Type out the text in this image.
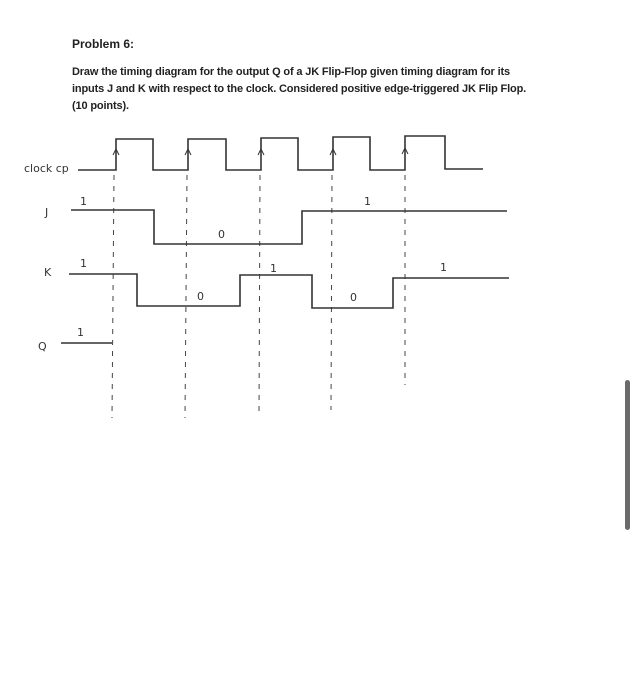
Problem 6:
Draw the timing diagram for the output Q of a JK Flip-Flop given timing diagram for its
inputs J and K with respect to the clock. Considered positive edge-triggered JK Flip Flop.
(10 points).
clock cp
J
K
Q
1
0
1
1
0
1
0
1
1
